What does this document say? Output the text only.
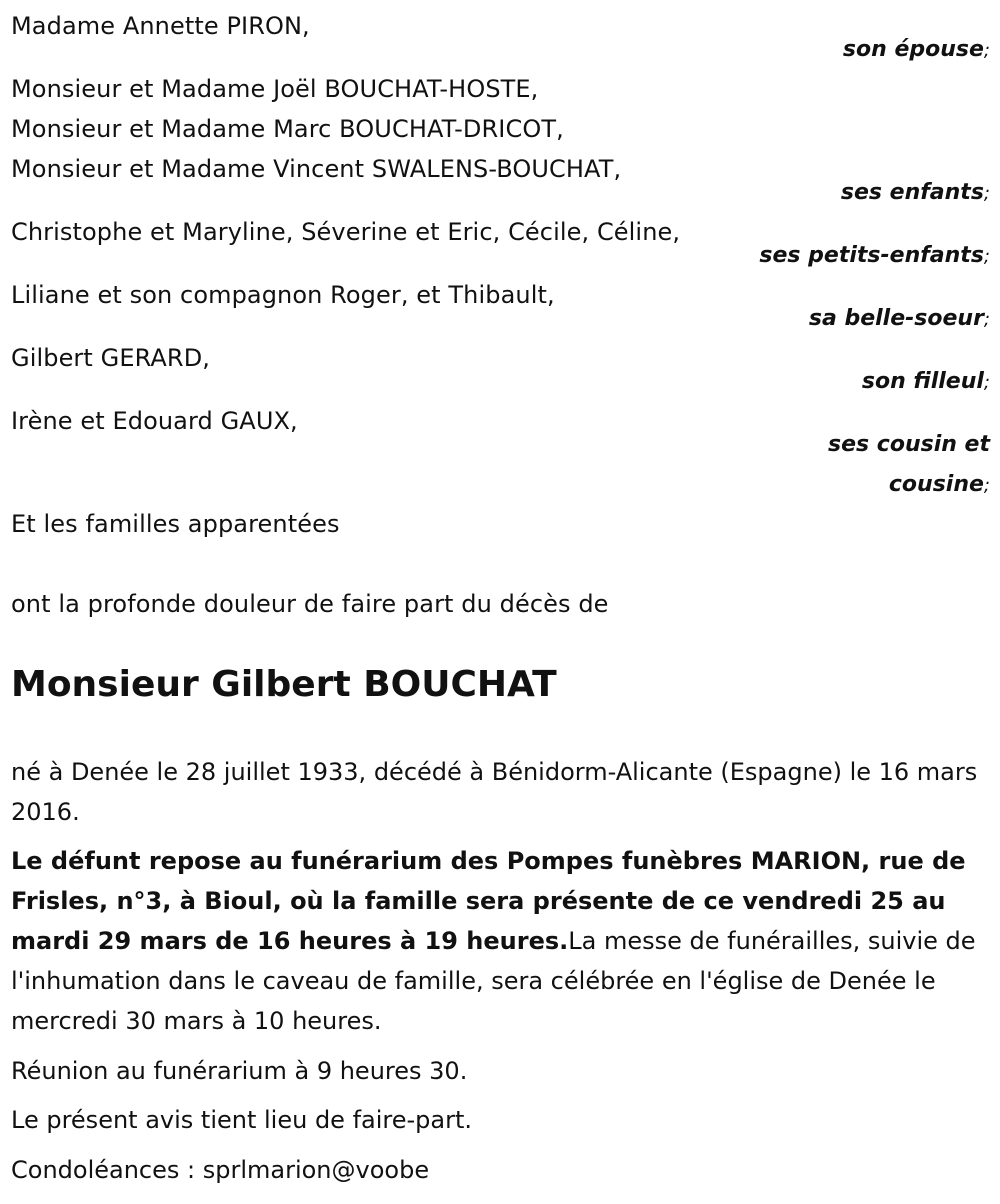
Madame Annette PIRON,
son épouse;
Monsieur et Madame Joël BOUCHAT-HOSTE,
Monsieur et Madame Marc BOUCHAT-DRICOT,
Monsieur et Madame Vincent SWALENS-BOUCHAT,
ses enfants;
Christophe et Maryline, Séverine et Eric, Cécile, Céline,
ses petits-enfants;
Liliane et son compagnon Roger, et Thibault,
sa belle-soeur;
Gilbert GERARD,
son filleul;
Irène et Edouard GAUX,
ses cousin et
cousine;
Et les familles apparentées
ont la profonde douleur de faire part du décès de
Monsieur Gilbert BOUCHAT
né à Denée le 28 juillet 1933, décédé à Bénidorm-Alicante (Espagne) le 16 mars 2016.
Le défunt repose au funérarium des Pompes funèbres MARION, rue de Frisles, n°3, à Bioul, où la famille sera présente de ce vendredi 25 au mardi 29 mars de 16 heures à 19 heures.La messe de funérailles, suivie de l'inhumation dans le caveau de famille, sera célébrée en l'église de Denée le mercredi 30 mars à 10 heures.
Réunion au funérarium à 9 heures 30.
Le présent avis tient lieu de faire-part.
Condoléances : sprlmarion@voobe
